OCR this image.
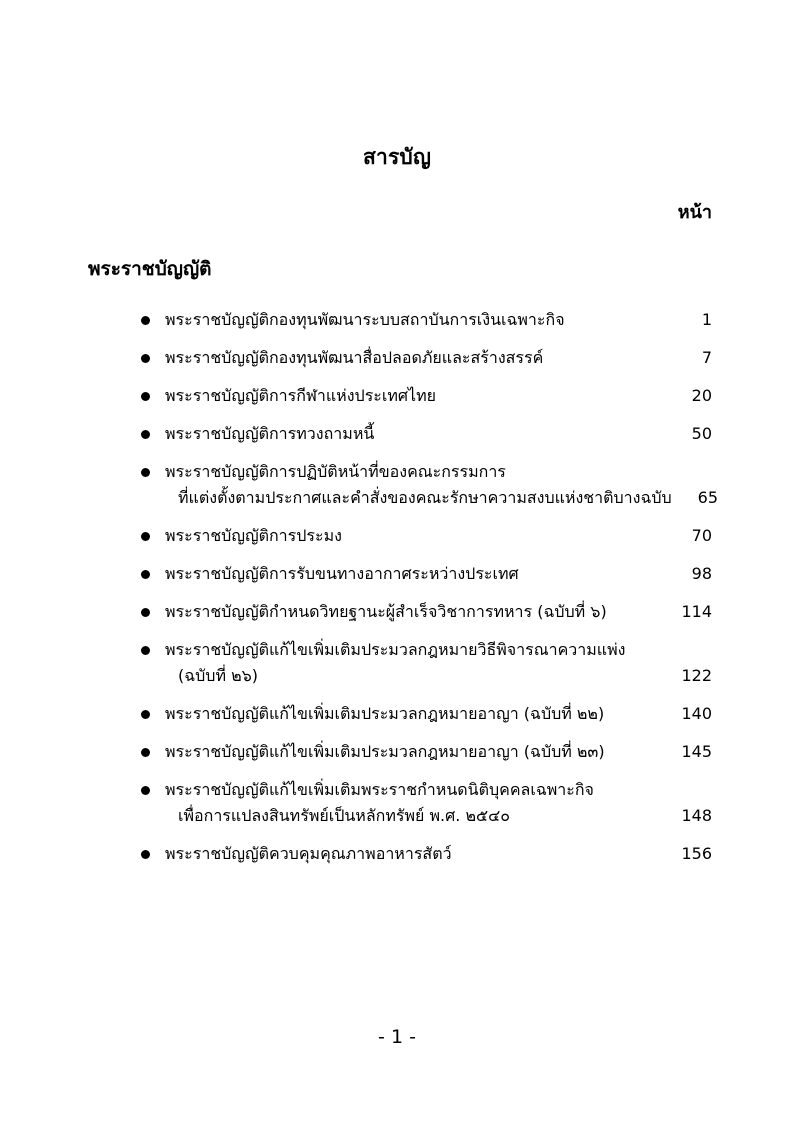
สารบัญ
หน้า
พระราชบัญญัติ
พระราชบัญญัติกองทุนพัฒนาระบบสถาบันการเงินเฉพาะกิจ	1
พระราชบัญญัติกองทุนพัฒนาสื่อปลอดภัยและสร้างสรรค์	7
พระราชบัญญัติการกีฬาแห่งประเทศไทย	20
พระราชบัญญัติการทวงถามหนี้	50
พระราชบัญญัติการปฏิบัติหน้าที่ของคณะกรรมการ
ที่แต่งตั้งตามประกาศและคำสั่งของคณะรักษาความสงบแห่งชาติบางฉบับ	65
พระราชบัญญัติการประมง	70
พระราชบัญญัติการรับขนทางอากาศระหว่างประเทศ	98
พระราชบัญญัติกำหนดวิทยฐานะผู้สำเร็จวิชาการทหาร (ฉบับที่ ๖)	114
พระราชบัญญัติแก้ไขเพิ่มเติมประมวลกฎหมายวิธีพิจารณาความแพ่ง
(ฉบับที่ ๒๖)	122
พระราชบัญญัติแก้ไขเพิ่มเติมประมวลกฎหมายอาญา (ฉบับที่ ๒๒)	140
พระราชบัญญัติแก้ไขเพิ่มเติมประมวลกฎหมายอาญา (ฉบับที่ ๒๓)	145
พระราชบัญญัติแก้ไขเพิ่มเติมพระราชกำหนดนิติบุคคลเฉพาะกิจ
เพื่อการแปลงสินทรัพย์เป็นหลักทรัพย์ พ.ศ. ๒๕๔๐	148
พระราชบัญญัติควบคุมคุณภาพอาหารสัตว์	156
- 1 -
